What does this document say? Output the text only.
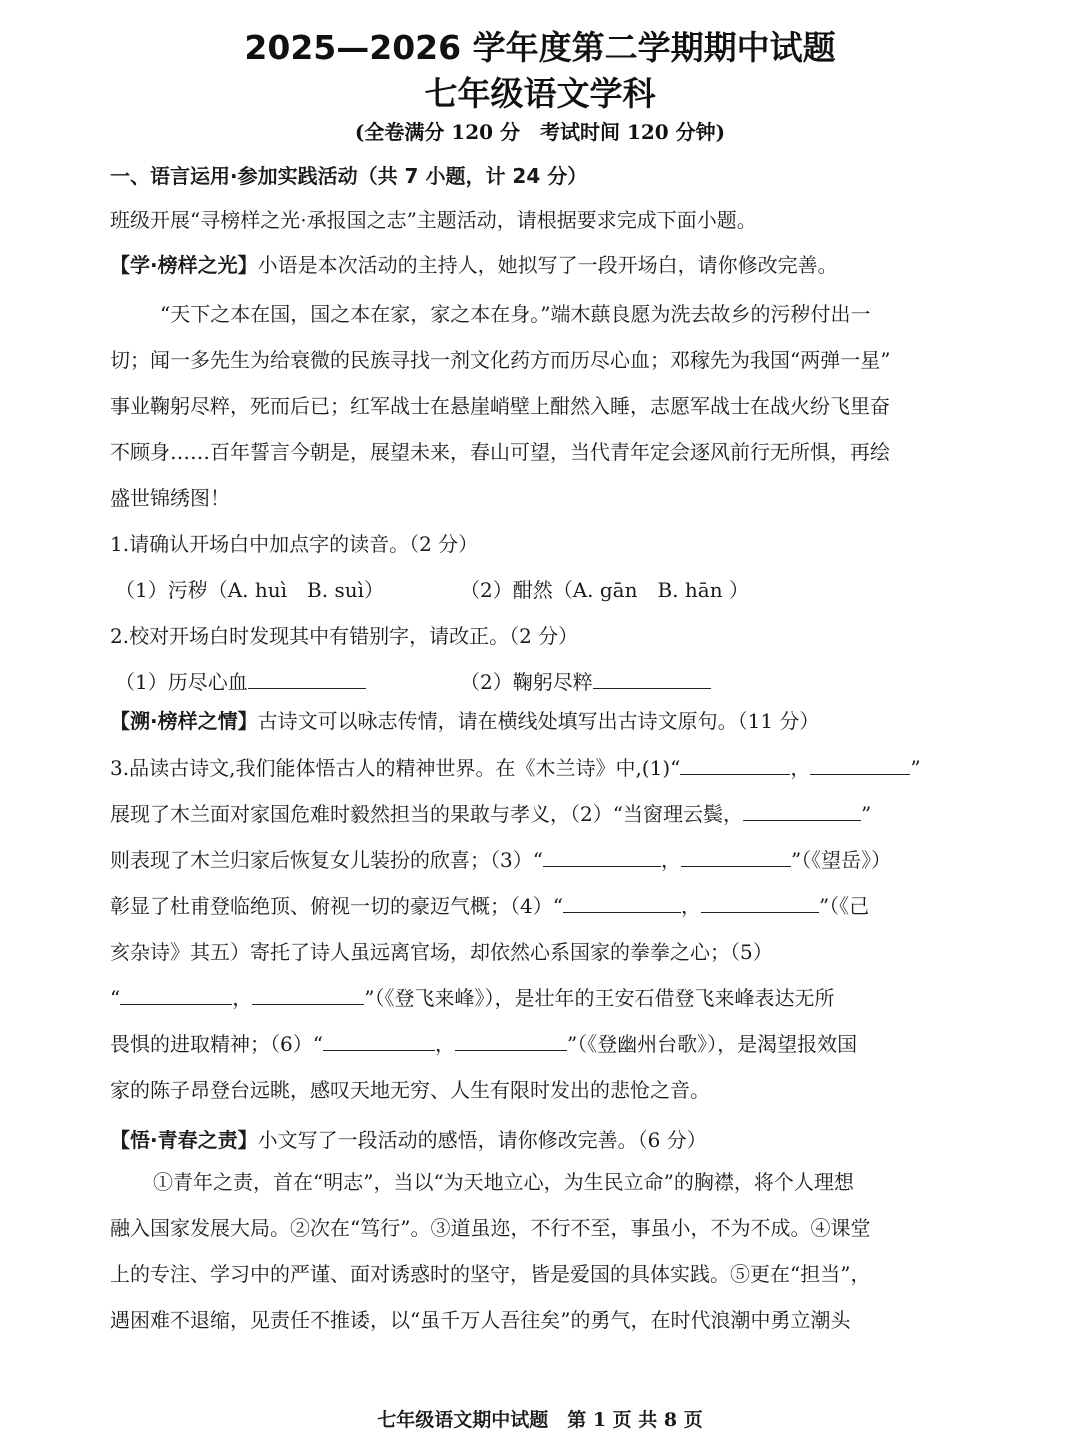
2025—2026 学年度第二学期期中试题
七年级语文学科
(全卷满分 120 分　考试时间 120 分钟)
一、语言运用·参加实践活动（共 7 小题，计 24 分）
班级开展“寻榜样之光·承报国之志”主题活动，请根据要求完成下面小题。
【学·榜样之光】小语是本次活动的主持人，她拟写了一段开场白，请你修改完善。
“天下之本在国，国之本在家，家之本在身。”端木蕻良愿为洗去故乡的污秽付出一
切；闻一多先生为给衰微的民族寻找一剂文化药方而历尽心血；邓稼先为我国“两弹一星”
事业鞠躬尽粹，死而后已；红军战士在悬崖峭壁上酣然入睡，志愿军战士在战火纷飞里奋
不顾身……百年誓言今朝是，展望未来，春山可望，当代青年定会逐风前行无所惧，再绘
盛世锦绣图！
1.请确认开场白中加点字的读音。（2 分）
（1）污秽（A. huì　B. suì）	（2）酣然（A. gān　B. hān ）
2.校对开场白时发现其中有错别字，请改正。（2 分）
（1）历尽心血	（2）鞠躬尽粹
【溯·榜样之情】古诗文可以咏志传情，请在横线处填写出古诗文原句。（11 分）
3.品读古诗文,我们能体悟古人的精神世界。在《木兰诗》中,(1)“	，	”
展现了木兰面对家国危难时毅然担当的果敢与孝义，（2）“当窗理云鬓，	”
则表现了木兰归家后恢复女儿装扮的欣喜；（3）“	，	”（《望岳》）
彰显了杜甫登临绝顶、俯视一切的豪迈气概；（4）“	，	”（《己
亥杂诗》其五）寄托了诗人虽远离官场，却依然心系国家的拳拳之心；（5）
“	，	”（《登飞来峰》），是壮年的王安石借登飞来峰表达无所
畏惧的进取精神；（6）“	，	”（《登幽州台歌》），是渴望报效国
家的陈子昂登台远眺，感叹天地无穷、人生有限时发出的悲怆之音。
【悟·青春之责】小文写了一段活动的感悟，请你修改完善。（6 分）
①青年之责，首在“明志”，当以“为天地立心，为生民立命”的胸襟，将个人理想
融入国家发展大局。②次在“笃行”。③道虽迩，不行不至，事虽小，不为不成。④课堂
上的专注、学习中的严谨、面对诱惑时的坚守，皆是爱国的具体实践。⑤更在“担当”，
遇困难不退缩，见责任不推诿，以“虽千万人吾往矣”的勇气，在时代浪潮中勇立潮头
七年级语文期中试题　第 1 页 共 8 页
